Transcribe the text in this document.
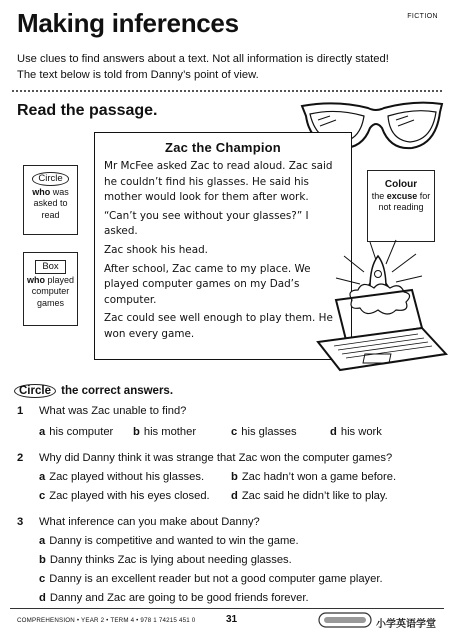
Making inferences	FICTION
Use clues to find answers about a text. Not all information is directly stated!
The text below is told from Danny’s point of view.
Read the passage.
Zac the Champion

Mr McFee asked Zac to read aloud. Zac said he couldn’t find his glasses. He said his mother would look for them after work.

“Can’t you see without your glasses?” I asked.

Zac shook his head.

After school, Zac came to my place. We played computer games on my Dad’s computer.

Zac could see well enough to play them. He won every game.

Circle
who was asked to read
Box
who played computer games
Colour
the excuse for not reading
Circle the correct answers.
1 What was Zac unable to find?
a his computer b his mother	c his glasses	d his work
2 Why did Danny think it was strange that Zac won the computer games?
a Zac played without his glasses. b Zac hadn’t won a game before.
c Zac played with his eyes closed. d Zac said he didn’t like to play.
3 What inference can you make about Danny?
a Danny is competitive and wanted to win the game.
b Danny thinks Zac is lying about needing glasses.
c Danny is an excellent reader but not a good computer game player.
d Danny and Zac are going to be good friends forever.
COMPREHENSION • YEAR 2 • TERM 4 • 978 1 74215 451 0	31	小学英语学堂
